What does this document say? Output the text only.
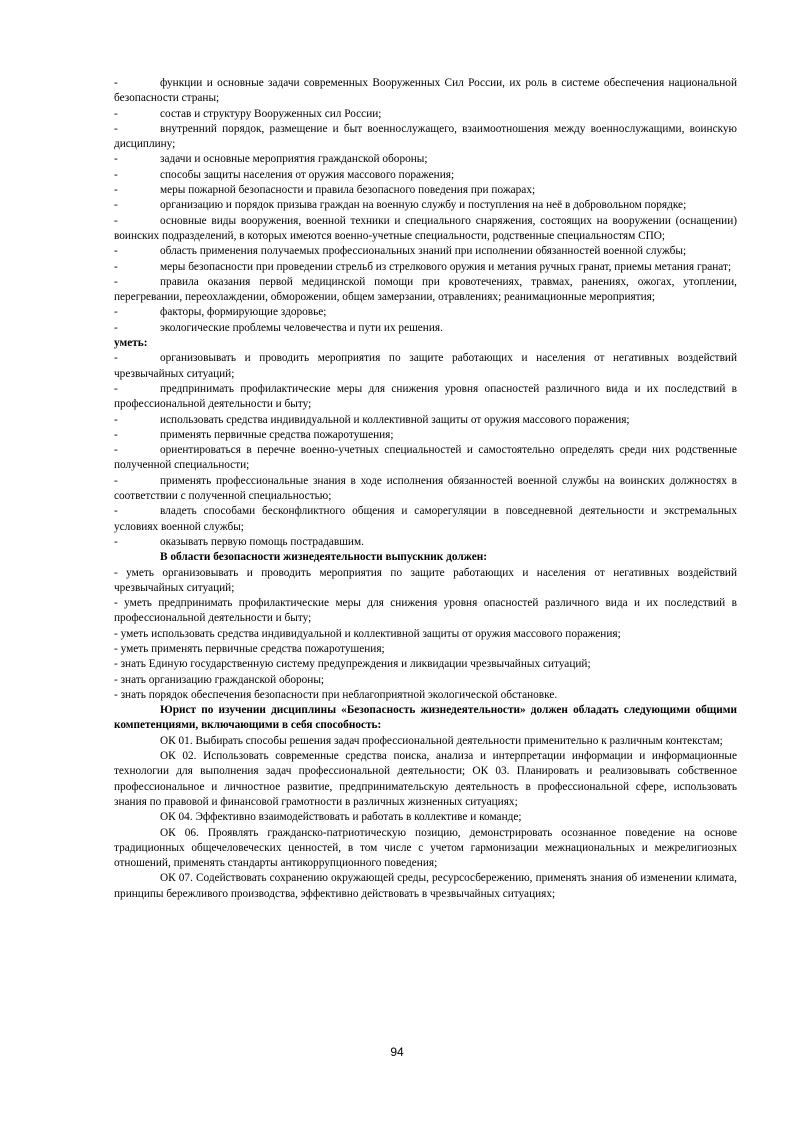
-	функции и основные задачи современных Вооруженных Сил России, их роль в системе обеспечения национальной безопасности страны;
-	состав и структуру Вооруженных сил России;
-	внутренний порядок, размещение и быт военнослужащего, взаимоотношения между военнослужащими, воинскую дисциплину;
-	задачи и основные мероприятия гражданской обороны;
-	способы защиты населения от оружия массового поражения;
-	меры пожарной безопасности и правила безопасного поведения при пожарах;
-	организацию и порядок призыва граждан на военную службу и поступления на неё в добровольном порядке;
-	основные виды вооружения, военной техники и специального снаряжения, состоящих на вооружении (оснащении) воинских подразделений, в которых имеются военно-учетные специальности, родственные специальностям СПО;
-	область применения получаемых профессиональных знаний при исполнении обязанностей военной службы;
-	меры безопасности при проведении стрельб из стрелкового оружия и метания ручных гранат, приемы метания гранат;
-	правила оказания первой медицинской помощи при кровотечениях, травмах, ранениях, ожогах, утоплении, перегревании, переохлаждении, обморожении, общем замерзании, отравлениях; реанимационные мероприятия;
-	факторы, формирующие здоровье;
-	экологические проблемы человечества и пути их решения.
уметь:
-	организовывать и проводить мероприятия по защите работающих и населения от негативных воздействий чрезвычайных ситуаций;
-	предпринимать профилактические меры для снижения уровня опасностей различного вида и их последствий в профессиональной деятельности и быту;
-	использовать средства индивидуальной и коллективной защиты от оружия массового поражения;
-	применять первичные средства пожаротушения;
-	ориентироваться в перечне военно-учетных специальностей и самостоятельно определять среди них родственные полученной специальности;
-	применять профессиональные знания в ходе исполнения обязанностей военной службы на воинских должностях в соответствии с полученной специальностью;
-	владеть способами бесконфликтного общения и саморегуляции в повседневной деятельности и экстремальных условиях военной службы;
-	оказывать первую помощь пострадавшим.
В области безопасности жизнедеятельности выпускник должен:
- уметь организовывать и проводить мероприятия по защите работающих и населения от негативных воздействий чрезвычайных ситуаций;
- уметь предпринимать профилактические меры для снижения уровня опасностей различного вида и их последствий в профессиональной деятельности и быту;
- уметь использовать средства индивидуальной и коллективной защиты от оружия массового поражения;
- уметь применять первичные средства пожаротушения;
- знать Единую государственную систему предупреждения и ликвидации чрезвычайных ситуаций;
- знать организацию гражданской обороны;
- знать порядок обеспечения безопасности при неблагоприятной экологической обстановке.
Юрист по изучении дисциплины «Безопасность жизнедеятельности» должен обладать следующими общими компетенциями, включающими в себя способность:
ОК 01. Выбирать способы решения задач профессиональной деятельности применительно к различным контекстам;
ОК 02. Использовать современные средства поиска, анализа и интерпретации информации и информационные технологии для выполнения задач профессиональной деятельности; ОК 03. Планировать и реализовывать собственное профессиональное и личностное развитие, предпринимательскую деятельность в профессиональной сфере, использовать знания по правовой и финансовой грамотности в различных жизненных ситуациях;
ОК 04. Эффективно взаимодействовать и работать в коллективе и команде;
ОК 06. Проявлять гражданско-патриотическую позицию, демонстрировать осознанное поведение на основе традиционных общечеловеческих ценностей, в том числе с учетом гармонизации межнациональных и межрелигиозных отношений, применять стандарты антикоррупционного поведения;
ОК 07. Содействовать сохранению окружающей среды, ресурсосбережению, применять знания об изменении климата, принципы бережливого производства, эффективно действовать в чрезвычайных ситуациях;
94
